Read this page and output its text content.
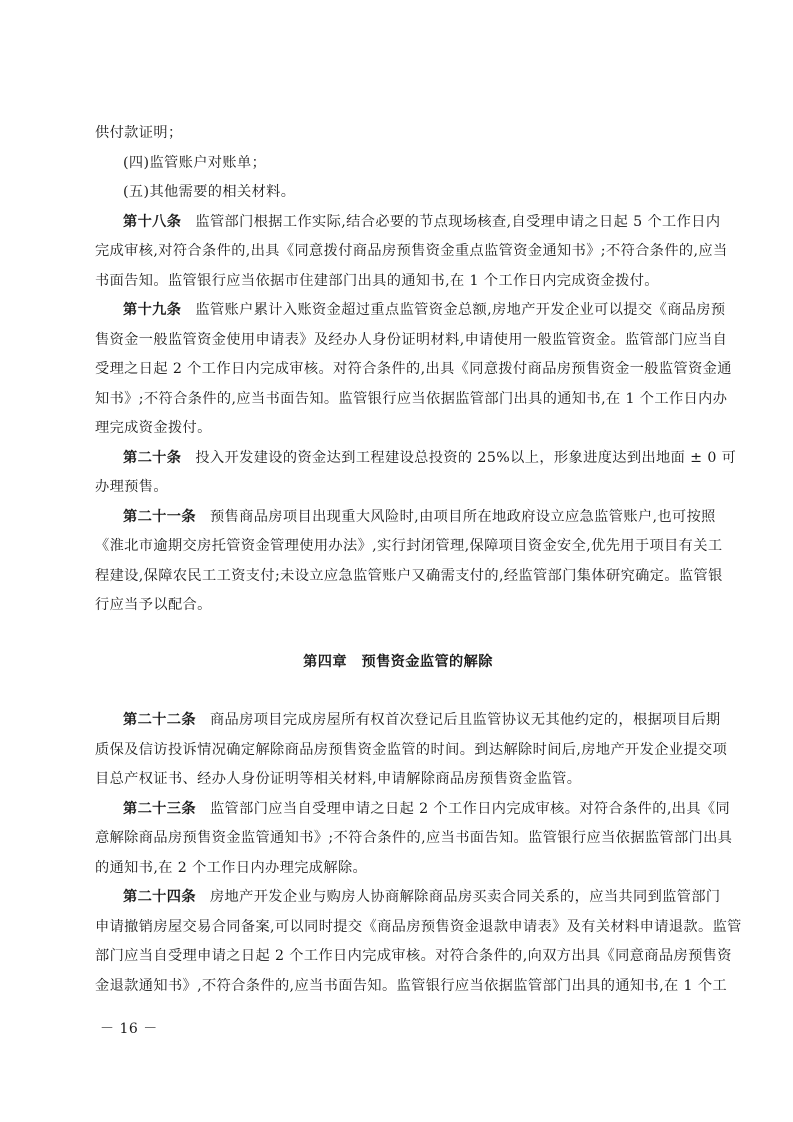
供付款证明；
(四)监管账户对账单；
(五)其他需要的相关材料。
第十八条 监管部门根据工作实际,结合必要的节点现场核查,自受理申请之日起 5 个工作日内
完成审核,对符合条件的,出具《同意拨付商品房预售资金重点监管资金通知书》;不符合条件的,应当
书面告知。监管银行应当依据市住建部门出具的通知书,在 1 个工作日内完成资金拨付。
第十九条 监管账户累计入账资金超过重点监管资金总额,房地产开发企业可以提交《商品房预
售资金一般监管资金使用申请表》及经办人身份证明材料,申请使用一般监管资金。监管部门应当自
受理之日起 2 个工作日内完成审核。对符合条件的,出具《同意拨付商品房预售资金一般监管资金通
知书》;不符合条件的,应当书面告知。监管银行应当依据监管部门出具的通知书,在 1 个工作日内办
理完成资金拨付。
第二十条 投入开发建设的资金达到工程建设总投资的 25%以上，形象进度达到出地面 ± 0 可
办理预售。
第二十一条 预售商品房项目出现重大风险时,由项目所在地政府设立应急监管账户,也可按照
《淮北市逾期交房托管资金管理使用办法》,实行封闭管理,保障项目资金安全,优先用于项目有关工
程建设,保障农民工工资支付;未设立应急监管账户又确需支付的,经监管部门集体研究确定。监管银
行应当予以配合。
第四章　预售资金监管的解除
第二十二条 商品房项目完成房屋所有权首次登记后且监管协议无其他约定的，根据项目后期
质保及信访投诉情况确定解除商品房预售资金监管的时间。到达解除时间后,房地产开发企业提交项
目总产权证书、经办人身份证明等相关材料,申请解除商品房预售资金监管。
第二十三条 监管部门应当自受理申请之日起 2 个工作日内完成审核。对符合条件的,出具《同
意解除商品房预售资金监管通知书》;不符合条件的,应当书面告知。监管银行应当依据监管部门出具
的通知书,在 2 个工作日内办理完成解除。
第二十四条 房地产开发企业与购房人协商解除商品房买卖合同关系的，应当共同到监管部门
申请撤销房屋交易合同备案,可以同时提交《商品房预售资金退款申请表》及有关材料申请退款。监管
部门应当自受理申请之日起 2 个工作日内完成审核。对符合条件的,向双方出具《同意商品房预售资
金退款通知书》,不符合条件的,应当书面告知。监管银行应当依据监管部门出具的通知书,在 1 个工
－ 16 －
